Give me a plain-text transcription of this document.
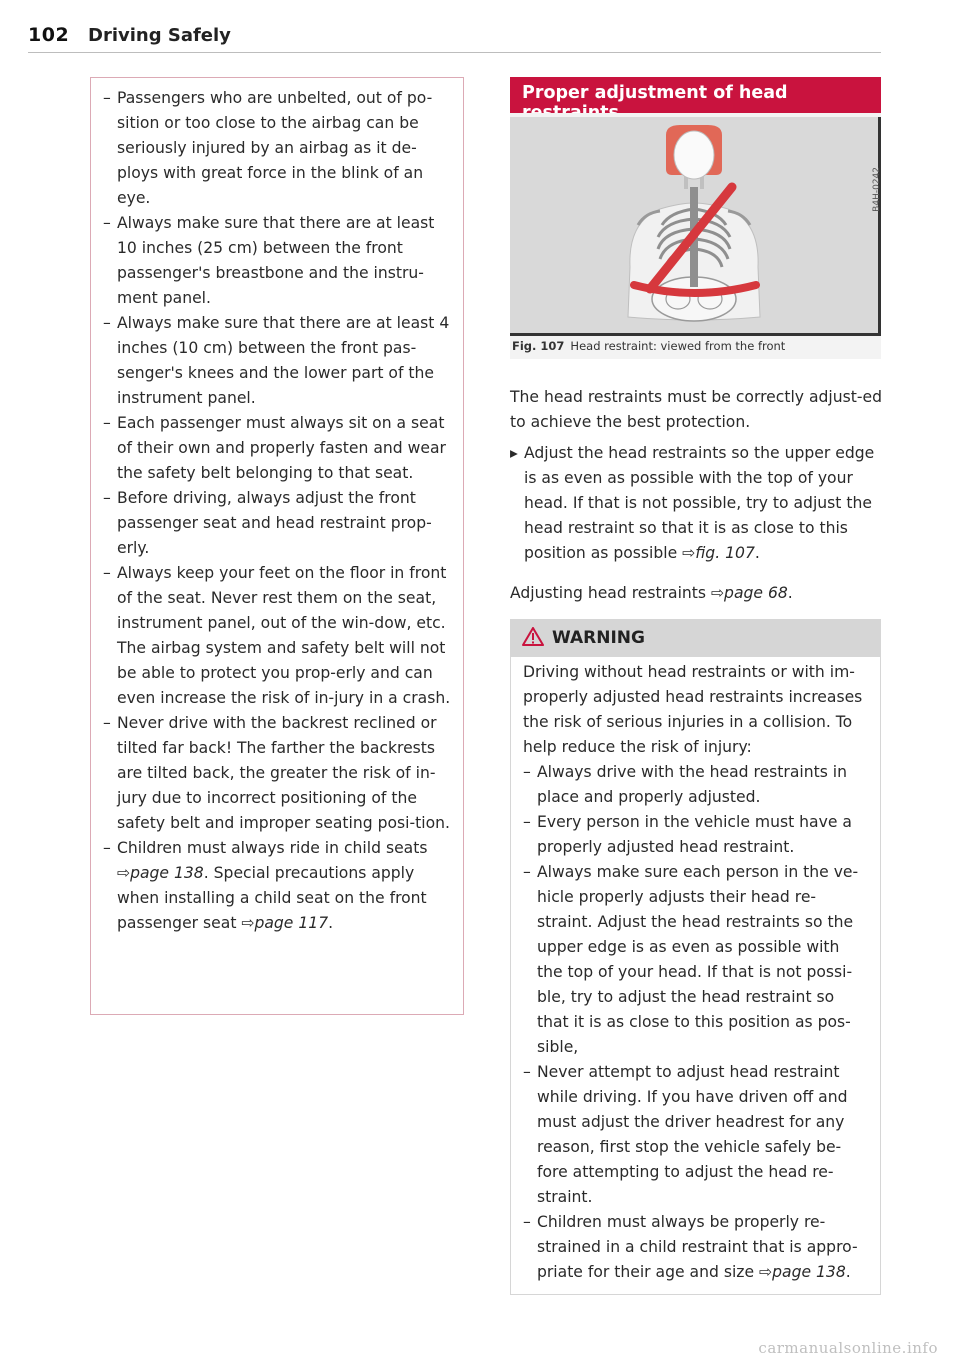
102 Driving Safely
– Passengers who are unbelted, out of po-sition or too close to the airbag can be seriously injured by an airbag as it de-ploys with great force in the blink of an eye.
– Always make sure that there are at least 10 inches (25 cm) between the front passenger's breastbone and the instru-ment panel.
– Always make sure that there are at least 4 inches (10 cm) between the front pas-senger's knees and the lower part of the instrument panel.
– Each passenger must always sit on a seat of their own and properly fasten and wear the safety belt belonging to that seat.
– Before driving, always adjust the front passenger seat and head restraint prop-erly.
– Always keep your feet on the floor in front of the seat. Never rest them on the seat, instrument panel, out of the win-dow, etc. The airbag system and safety belt will not be able to protect you prop-erly and can even increase the risk of in-jury in a crash.
– Never drive with the backrest reclined or tilted far back! The farther the backrests are tilted back, the greater the risk of in-jury due to incorrect positioning of the safety belt and improper seating posi-tion.
– Children must always ride in child seats ⇨page 138. Special precautions apply when installing a child seat on the front passenger seat ⇨page 117.
Proper adjustment of head
B4H-0242
Fig. 107 Head restraint: viewed from the front
The head restraints must be correctly adjust-ed to achieve the best protection.
▸ Adjust the head restraints so the upper edge is as even as possible with the top of your head. If that is not possible, try to adjust the head restraint so that it is as close to this position as possible ⇨fig. 107.
Adjusting head restraints ⇨page 68.
WARNING

Driving without head restraints or with im-properly adjusted head restraints increases the risk of serious injuries in a collision. To help reduce the risk of injury:

– Always drive with the head restraints in place and properly adjusted.
– Every person in the vehicle must have a properly adjusted head restraint.
– Always make sure each person in the ve-hicle properly adjusts their head re-straint. Adjust the head restraints so the upper edge is as even as possible with the top of your head. If that is not possi-ble, try to adjust the head restraint so that it is as close to this position as pos-sible,
– Never attempt to adjust head restraint while driving. If you have driven off and must adjust the driver headrest for any reason, first stop the vehicle safely be-fore attempting to adjust the head re-straint.
– Children must always be properly re-strained in a child restraint that is appro-priate for their age and size ⇨page 138.
carmanualsonline.info
